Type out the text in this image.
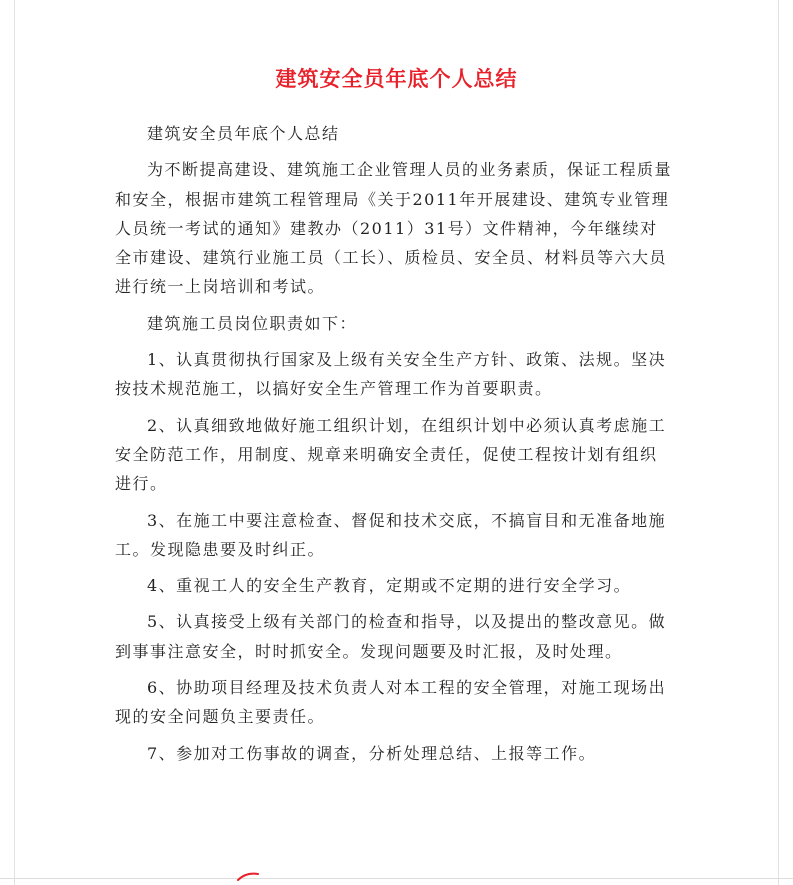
建筑安全员年底个人总结

建筑安全员年底个人总结

为不断提高建设、建筑施工企业管理人员的业务素质，保证工程质量和安全，根据市建筑工程管理局《关于2011年开展建设、建筑专业管理人员统一考试的通知》建教办（2011）31号）文件精神，今年继续对全市建设、建筑行业施工员（工长）、质检员、安全员、材料员等六大员进行统一上岗培训和考试。

建筑施工员岗位职责如下：

1、认真贯彻执行国家及上级有关安全生产方针、政策、法规。坚决按技术规范施工，以搞好安全生产管理工作为首要职责。

2、认真细致地做好施工组织计划，在组织计划中必须认真考虑施工安全防范工作，用制度、规章来明确安全责任，促使工程按计划有组织进行。

3、在施工中要注意检查、督促和技术交底，不搞盲目和无准备地施工。发现隐患要及时纠正。

4、重视工人的安全生产教育，定期或不定期的进行安全学习。

5、认真接受上级有关部门的检查和指导，以及提出的整改意见。做到事事注意安全，时时抓安全。发现问题要及时汇报，及时处理。

6、协助项目经理及技术负责人对本工程的安全管理，对施工现场出现的安全问题负主要责任。

7、参加对工伤事故的调查，分析处理总结、上报等工作。
